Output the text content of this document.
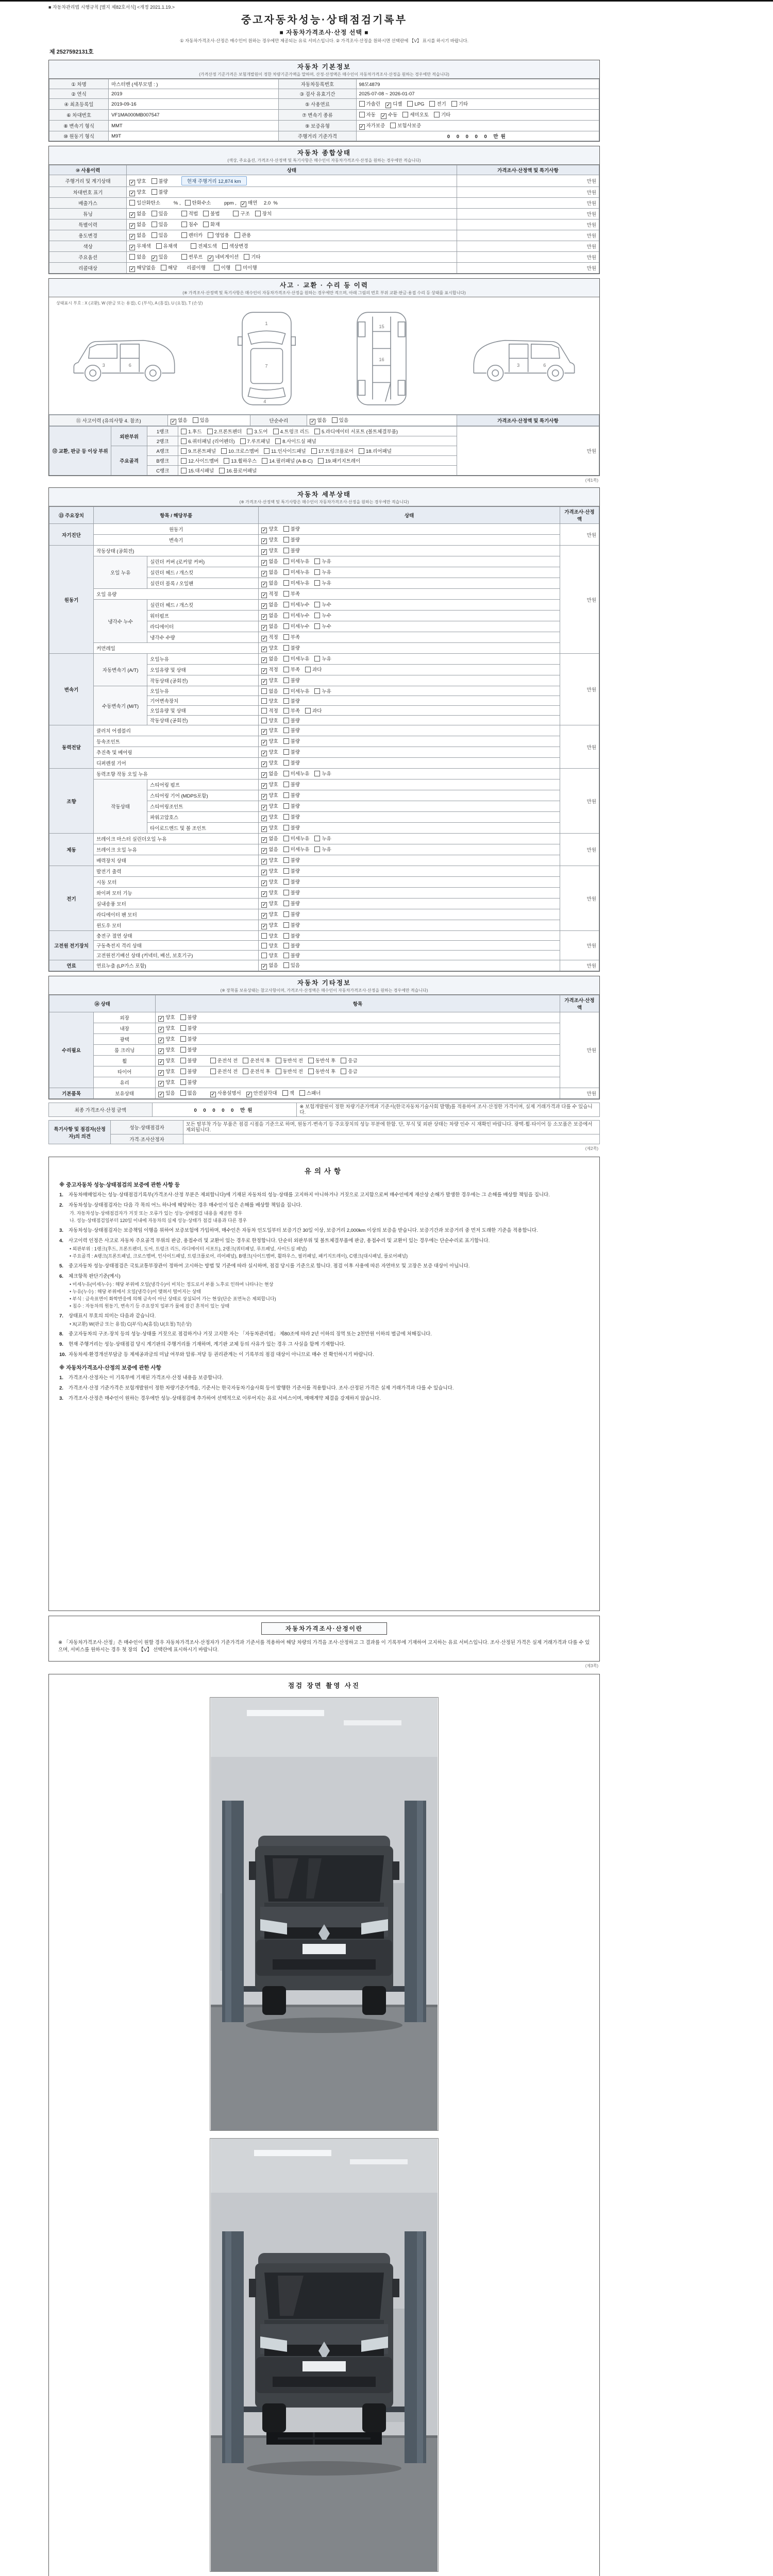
■ 자동차관리법 시행규칙 [별지 제82호서식] <개정 2021.1.19.>
중고자동차성능·상태점검기록부
■ 자동차가격조사·산정 선택 ■
① 자동차가격조사·산정은 매수인이 원하는 경우에만 제공되는 유료 서비스입니다. ② 가격조사·산정을 원하시면 선택란에 【V】 표시를 하시기 바랍니다.
제 2527592131호
자동차 기본정보
(가격산정 기준가격은 보험개발원이 정한 차량기준가액을 말하며, 산정·산정액은 매수인이 자동차가격조사·산정을 원하는 경우에만 적습니다)
① 차명	마스터밴 (세부모델 : )	자동차등록번호	98모4879
② 연식	2019	③ 검사 유효기간	2025-07-08 ~ 2026-01-07
④ 최초등록일	2019-09-16	⑤ 사용연료	가솔린 ✓ 디젤 LPG 전기 기타
⑥ 차대번호	VF1MA000MB007547	⑦ 변속기 종류	자동 ✓ 수동 세미오토 기타
⑧ 변속기 형식	MMT	⑨ 보증유형	✓ 자가보증 보험사보증
⑩ 원동기 형식	M9T	주행거리 기준가격	0 0 0 0 0 만원
자동차 종합상태
(색상, 주요옵션, 가격조사·산정액 및 특기사항은 매수인이 자동차가격조사·산정을 원하는 경우에만 적습니다)
⑩ 사용이력	상태	가격조사·산정액 및 특기사항
주행거리 및 계기상태	✓ 양호 불량 현재 주행거리 12,874 km	만원
차대번호 표기	✓ 양호 불량	만원
배출가스	일산화탄소      % , 탄화수소      ppm , ✓ 매연 2.0  %	만원
튜닝	✓ 없음 있음 적법 불법 구조 장치	만원
특별이력	✓ 없음 있음 침수 화재	만원
용도변경	✓ 없음 있음 렌터카 영업용 관용	만원
색상	✓ 무채색 유채색 전체도색 색상변경	만원
주요옵션	없음 ✓ 있음 썬루프 ✓ 네비게이션 기타	만원
리콜대상	✓ 해당없음 해당   리콜이행   이행 미이행	만원
사고 · 교환 · 수리 등 이력
(※ 가격조사·산정액 및 특기사항은 매수인이 자동차가격조사·산정을 원하는 경우에만 적으며, 아래 그림의 번호 부위 교환·판금·용접 수리 등 상태를 표시합니다)
상태표시 부호 : X (교환), W (판금 또는 용접), C (부식), A (흠집), U (요철), T (손상)
3	6
1
7
4
15
16
3	6
⑪ 사고이력 (유의사항 4. 참조)	✓ 없음	있음	단순수리	✓ 없음	있음	가격조사·산정액 및 특기사항
⑫ 교환, 판금 등 이상 부위	외판부위	1랭크	1.후드 2.프론트펜더 3.도어 4.트렁크 리드 5.라디에이터 서포트 (볼트체결부품)	만원
		2랭크	6.쿼터패널 (리어펜더) 7.루프패널 8.사이드실 패널	
	주요골격	A랭크	9.프론트패널 10.크로스멤버 11.인사이드패널 17.트렁크플로어 18.리어패널	
		B랭크	12.사이드멤버 13.휠하우스 14.필러패널 (A·B·C) 19.패키지트레이	
		C랭크	15.대시패널 16.플로어패널	
(제1쪽)
자동차 세부상태
(※ 가격조사·산정액 및 특기사항은 매수인이 자동차가격조사·산정을 원하는 경우에만 적습니다)
⑬ 주요장치	항목 / 해당부품		상태	가격조사·산정액
자기진단	원동기		✓ 양호 불량	만원
	변속기		✓ 양호 불량	
원동기	작동상태 (공회전)		✓ 양호 불량	만원
	오일 누유	실린더 커버 (로커암 커버)	✓ 없음 미세누유 누유	
		실린더 헤드 / 개스킷	✓ 없음 미세누유 누유	
		실린더 블록 / 오일팬	✓ 없음 미세누유 누유	
	오일 유량		✓ 적정 부족	
	냉각수 누수	실린더 헤드 / 개스킷	✓ 없음 미세누수 누수	
		워터펌프	✓ 없음 미세누수 누수	
		라디에이터	✓ 없음 미세누수 누수	
		냉각수 수량	✓ 적정 부족	
	커먼레일		✓ 양호 불량	
변속기	자동변속기 (A/T)	오일누유	✓ 없음 미세누유 누유	만원
		오일유량 및 상태	✓ 적정 부족 과다	
		작동상태 (공회전)	✓ 양호 불량	
	수동변속기 (M/T)	오일누유	없음 미세누유 누유	
		기어변속장치	양호 불량	
		오일유량 및 상태	적정 부족 과다	
		작동상태 (공회전)	양호 불량	
동력전달	클러치 어셈블리		✓ 양호 불량	만원
	등속조인트		✓ 양호 불량	
	추진축 및 베어링		✓ 양호 불량	
	디퍼렌셜 기어		✓ 양호 불량	
조향	동력조향 작동 오일 누유		✓ 없음 미세누유 누유	만원
	작동상태	스티어링 펌프	✓ 양호 불량	
		스티어링 기어 (MDPS포함)	✓ 양호 불량	
		스티어링조인트	✓ 양호 불량	
		파워고압호스	✓ 양호 불량	
		타이로드엔드 및 볼 조인트	✓ 양호 불량	
제동	브레이크 마스터 실린더오일 누유		✓ 없음 미세누유 누유	만원
	브레이크 오일 누유		✓ 없음 미세누유 누유	
	배력장치 상태		✓ 양호 불량	
전기	발전기 출력		✓ 양호 불량	만원
	시동 모터		✓ 양호 불량	
	와이퍼 모터 기능		✓ 양호 불량	
	실내송풍 모터		✓ 양호 불량	
	라디에이터 팬 모터		✓ 양호 불량	
	윈도우 모터		✓ 양호 불량	
고전원 전기장치	충전구 절연 상태		양호 불량	만원
	구동축전지 격리 상태		양호 불량	
	고전원전기배선 상태 (커넥터, 배선, 보호기구)		양호 불량	
연료	연료누출 (LP가스 포함)		✓ 없음 있음	만원
자동차 기타정보
(※ 장착품 보유상태는 참고사항이며, 가격조사·산정액은 매수인이 자동차가격조사·산정을 원하는 경우에만 적습니다)
⑭ 상태		항목	가격조사·산정액
수리필요	외장	✓ 양호 불량	만원
	내장	✓ 양호 불량	
	광택	✓ 양호 불량	
	룸 크리닝	✓ 양호 불량	
	휠	✓ 양호 불량 운전석 전 운전석 후 동반석 전 동반석 후 응급	
	타이어	✓ 양호 불량 운전석 전 운전석 후 동반석 전 동반석 후 응급	
	유리	✓ 양호 불량	
기본품목	보유상태	✓ 있음 없음 ✓ 사용설명서 ✓ 안전삼각대 잭 스패너	만원
최종 가격조사·산정 금액	0 0 0 0 0 만원	※ 보험개발원이 정한 차량기준가액과 기준서(한국자동차기술사회 발행)를 적용하여 조사·산정한 가격이며, 실제 거래가격과 다를 수 있습니다.
특기사항 및 점검자(산정자)의 의견	성능·상태점검자	모든 탈부착 가능 부품은 점검 시점을 기준으로 하며, 원동기·변속기 등 주요장치의 성능 부분에 한함. 단, 부식 및 외판 상태는 차량 인수 시 재확인 바랍니다. 광택·휠·타이어 등 소모품은 보증에서 제외됩니다.
	가격·조사산정자	
(제2쪽)
유의사항
※ 중고자동차 성능·상태점검의 보증에 관한 사항 등
1.	자동차매매업자는 성능·상태점검기록부(가격조사·산정 부분은 제외합니다)에 기재된 자동차의 성능·상태를 고지하지 아니하거나 거짓으로 고지함으로써 매수인에게 재산상 손해가 발생한 경우에는 그 손해를 배상할 책임을 집니다.
2.	자동차성능·상태점검자는 다음 각 목의 어느 하나에 해당하는 경우 매수인이 입은 손해를 배상할 책임을 집니다.
가. 자동차성능·상태점검자가 거짓 또는 오류가 있는 성능·상태점검 내용을 제공한 경우
나. 성능·상태점검일부터 120일 이내에 자동차의 실제 성능·상태가 점검 내용과 다른 경우
3.	자동차성능·상태점검자는 보증책임 이행을 위하여 보증보험에 가입하며, 매수인은 자동차 인도일부터 보증기간 30일 이상, 보증거리 2,000km 이상의 보증을 받습니다. 보증기간과 보증거리 중 먼저 도래한 기준을 적용합니다.
4.	사고이력 인정은 사고로 자동차 주요골격 부위의 판금, 용접수리 및 교환이 있는 경우로 한정합니다. 단순히 외판부위 및 볼트체결부품에 판금, 용접수리 및 교환이 있는 경우에는 단순수리로 표기합니다.
• 외판부위 : 1랭크(후드, 프론트펜더, 도어, 트렁크 리드, 라디에이터 서포트), 2랭크(쿼터패널, 루프패널, 사이드실 패널)
• 주요골격 : A랭크(프론트패널, 크로스멤버, 인사이드패널, 트렁크플로어, 리어패널), B랭크(사이드멤버, 휠하우스, 필러패널, 패키지트레이), C랭크(대시패널, 플로어패널)
5.	중고자동차 성능·상태점검은 국토교통부장관이 정하여 고시하는 방법 및 기준에 따라 실시하며, 점검 당시를 기준으로 합니다. 점검 이후 사용에 따른 자연마모 및 고장은 보증 대상이 아닙니다.
6.	체크항목 판단기준(예시)
• 미세누유(미세누수) : 해당 부위에 오일(냉각수)이 비치는 정도로서 부품 노후로 인하여 나타나는 현상
• 누유(누수) : 해당 부위에서 오일(냉각수)이 맺혀서 떨어지는 상태
• 부식 : 금속표면이 화학반응에 의해 금속이 아닌 상태로 상실되어 가는 현상(단순 표면녹은 제외합니다)
• 침수 : 자동차의 원동기, 변속기 등 주요장치 일부가 물에 잠긴 흔적이 있는 상태
7.	상태표시 부호의 의미는 다음과 같습니다.
• X(교환) W(판금 또는 용접) C(부식) A(흠집) U(요철) T(손상)
8.	중고자동차의 구조·장치 등의 성능·상태를 거짓으로 점검하거나 거짓 고지한 자는 「자동차관리법」 제80조에 따라 2년 이하의 징역 또는 2천만원 이하의 벌금에 처해집니다.
9.	현재 주행거리는 성능·상태점검 당시 계기판의 주행거리를 기재하며, 계기판 교체 등의 사유가 있는 경우 그 사실을 함께 기재합니다.
10. 자동차세·환경개선부담금 등 제세공과금의 미납 여부와 압류·저당 등 권리관계는 이 기록부의 점검 대상이 아니므로 매수 전 확인하시기 바랍니다.
※ 자동차가격조사·산정의 보증에 관한 사항
1.	가격조사·산정자는 이 기록부에 기재된 가격조사·산정 내용을 보증합니다.
2.	가격조사·산정 기준가격은 보험개발원이 정한 차량기준가액을, 기준서는 한국자동차기술사회 등이 발행한 기준서를 적용합니다. 조사·산정된 가격은 실제 거래가격과 다를 수 있습니다.
3.	가격조사·산정은 매수인이 원하는 경우에만 성능·상태점검에 추가하여 선택적으로 이루어지는 유료 서비스이며, 매매계약 체결을 강제하지 않습니다.
자동차가격조사·산정이란
※ 「자동차가격조사·산정」은 매수인이 원할 경우 자동차가격조사·산정자가 기준가격과 기준서를 적용하여 해당 차량의 가격을 조사·산정하고 그 결과를 이 기록부에 기재하여 고지하는 유료 서비스입니다. 조사·산정된 가격은 실제 거래가격과 다를 수 있으며, 서비스를 원하시는 경우 첫 장의 【V】 선택란에 표시하시기 바랍니다.
(제3쪽)
점검 장면 촬영 사진
